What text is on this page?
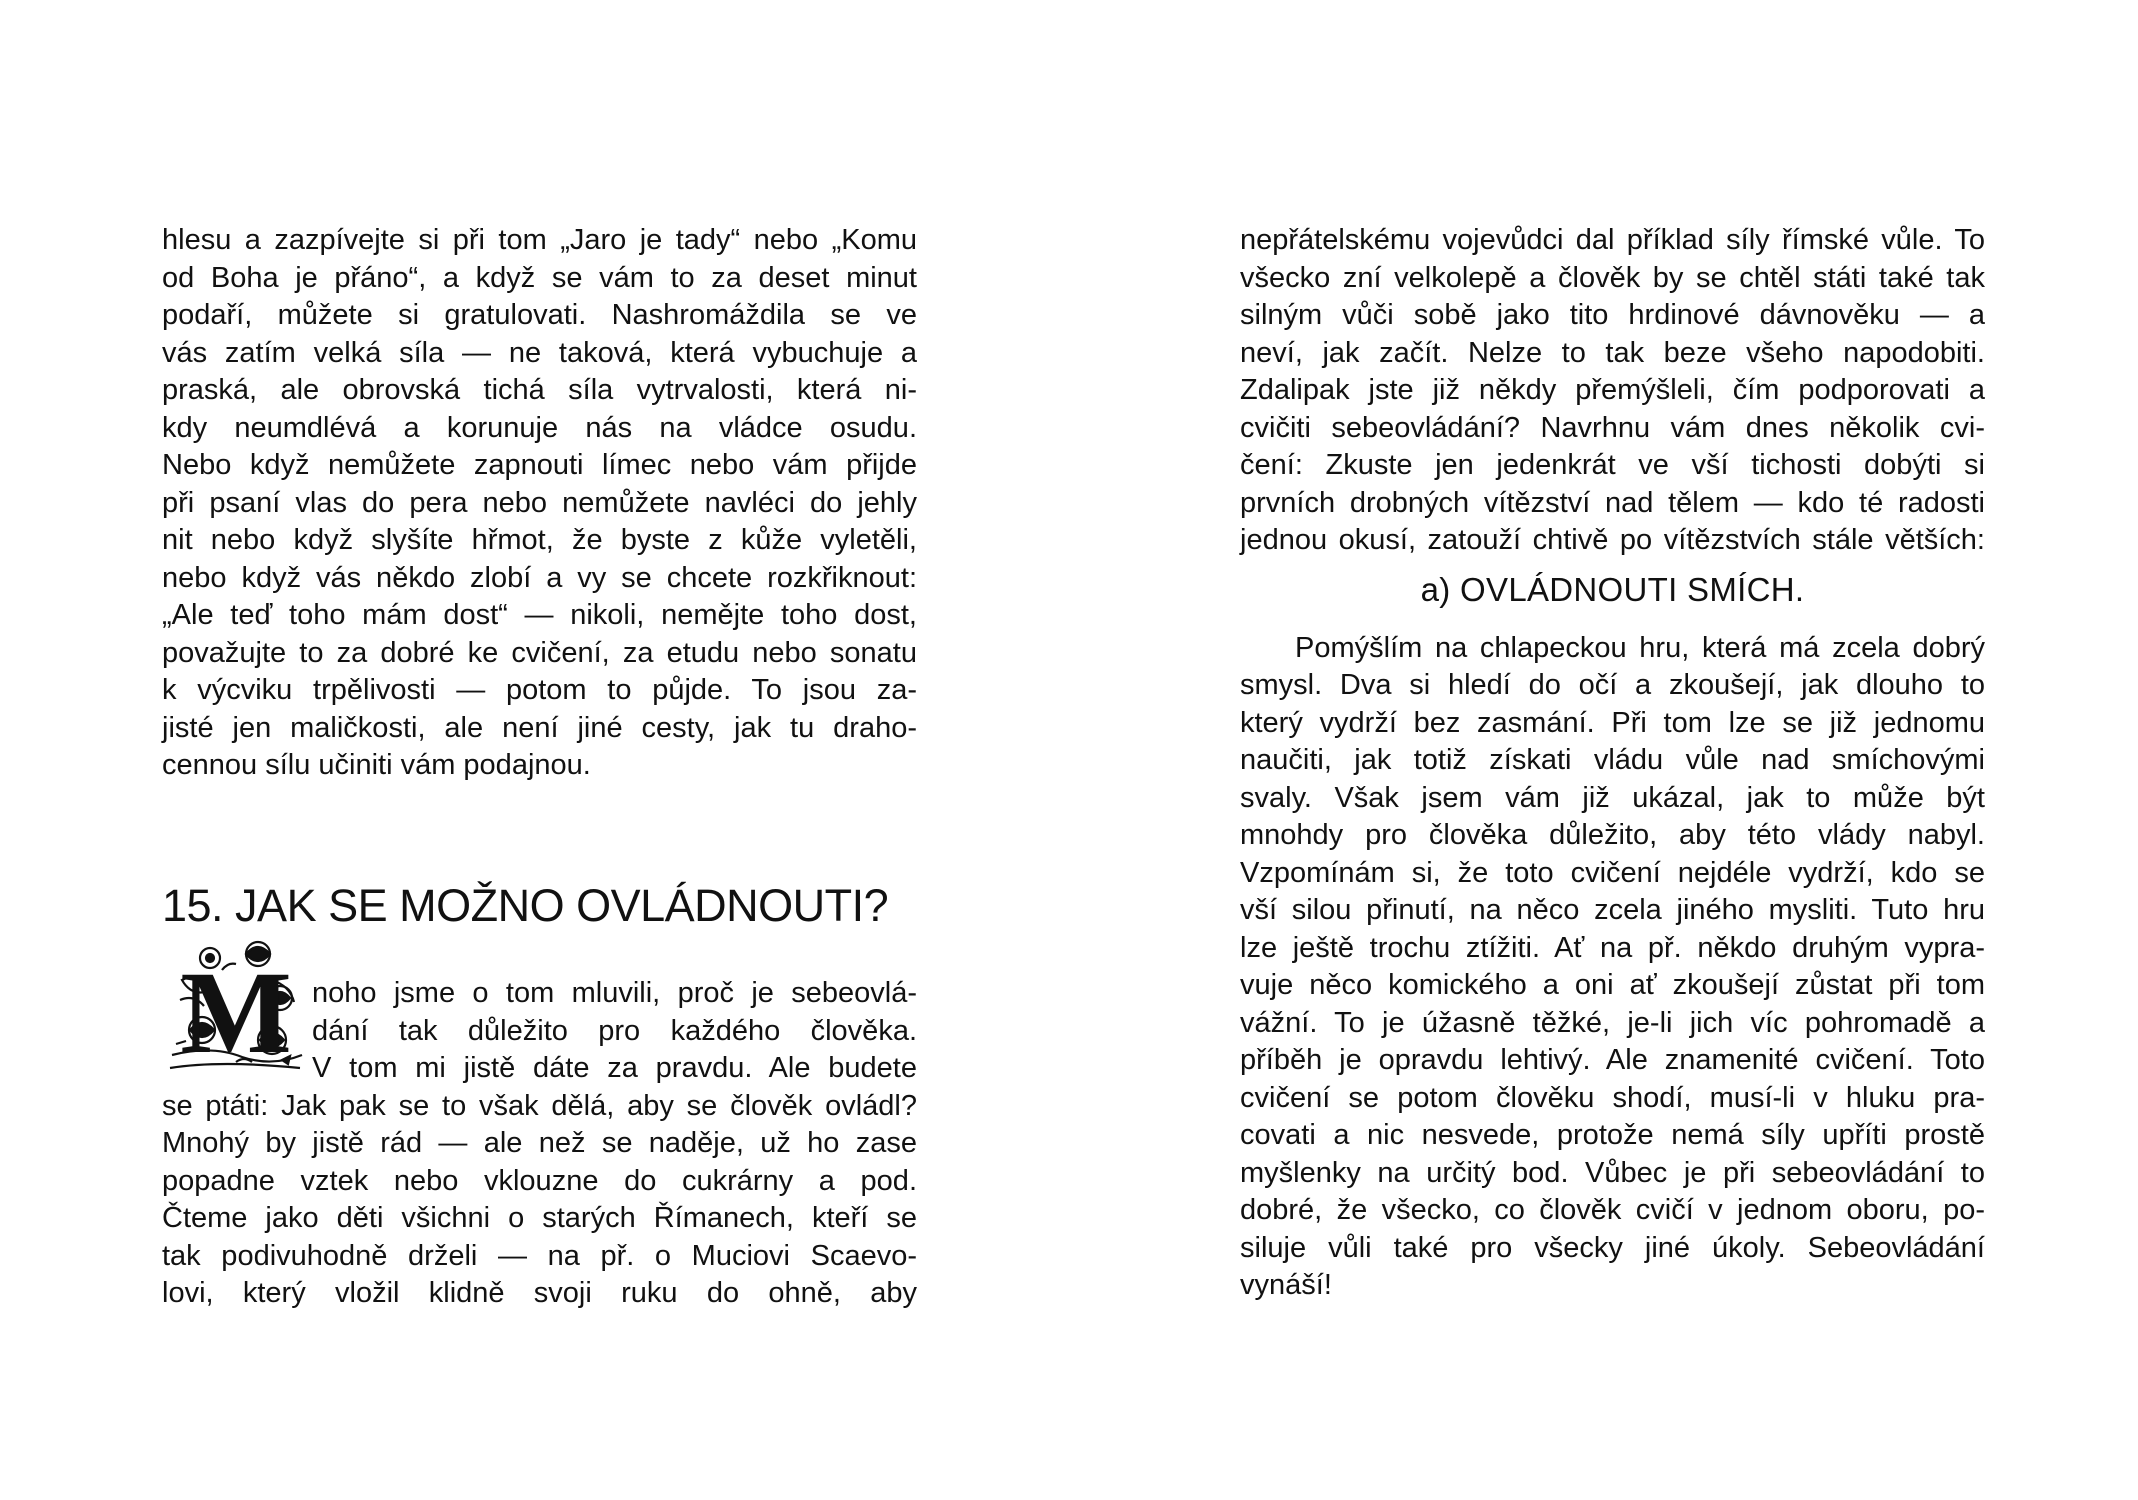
hlesu a zazpívejte si při tom „Jaro je tady“ nebo „Komu
od Boha je přáno“, a když se vám to za deset minut
podaří, můžete si gratulovati. Nashromáždila se ve
vás zatím velká síla — ne taková, která vybuchuje a
praská, ale obrovská tichá síla vytrvalosti, která ni-
kdy neumdlévá a korunuje nás na vládce osudu.
Nebo když nemůžete zapnouti límec nebo vám přijde
při psaní vlas do pera nebo nemůžete navléci do jehly
nit nebo když slyšíte hřmot, že byste z kůže vyletěli,
nebo když vás někdo zlobí a vy se chcete rozkřiknout:
„Ale teď toho mám dost“ — nikoli, nemějte toho dost,
považujte to za dobré ke cvičení, za etudu nebo sonatu
k výcviku trpělivosti — potom to půjde. To jsou za-
jisté jen maličkosti, ale není jiné cesty, jak tu draho-
cennou sílu učiniti vám podajnou.
15. JAK SE MOŽNO OVLÁDNOUTI?
M noho jsme o tom mluvili, proč je sebeovlá-
dání tak důležito pro každého člověka.
V tom mi jistě dáte za pravdu. Ale budete
se ptáti: Jak pak se to však dělá, aby se člověk ovládl?
Mnohý by jistě rád — ale než se naděje, už ho zase
popadne vztek nebo vklouzne do cukrárny a pod.
Čteme jako děti všichni o starých Římanech, kteří se
tak podivuhodně drželi — na př. o Muciovi Scaevo-
lovi, který vložil klidně svoji ruku do ohně, aby
nepřátelskému vojevůdci dal příklad síly římské vůle. To
všecko zní velkolepě a člověk by se chtěl státi také tak
silným vůči sobě jako tito hrdinové dávnověku — a
neví, jak začít. Nelze to tak beze všeho napodobiti.
Zdalipak jste již někdy přemýšleli, čím podporovati a
cvičiti sebeovládání? Navrhnu vám dnes několik cvi-
čení: Zkuste jen jedenkrát ve vší tichosti dobýti si
prvních drobných vítězství nad tělem — kdo té radosti
jednou okusí, zatouží chtivě po vítězstvích stále větších:
a) OVLÁDNOUTI SMÍCH.
Pomýšlím na chlapeckou hru, která má zcela dobrý
smysl. Dva si hledí do očí a zkoušejí, jak dlouho to
který vydrží bez zasmání. Při tom lze se již jednomu
naučiti, jak totiž získati vládu vůle nad smíchovými
svaly. Však jsem vám již ukázal, jak to může být
mnohdy pro člověka důležito, aby této vlády nabyl.
Vzpomínám si, že toto cvičení nejdéle vydrží, kdo se
vší silou přinutí, na něco zcela jiného mysliti. Tuto hru
lze ještě trochu ztížiti. Ať na př. někdo druhým vypra-
vuje něco komického a oni ať zkoušejí zůstat při tom
vážní. To je úžasně těžké, je-li jich víc pohromadě a
příběh je opravdu lehtivý. Ale znamenité cvičení. Toto
cvičení se potom člověku shodí, musí-li v hluku pra-
covati a nic nesvede, protože nemá síly upříti prostě
myšlenky na určitý bod. Vůbec je při sebeovládání to
dobré, že všecko, co člověk cvičí v jednom oboru, po-
siluje vůli také pro všecky jiné úkoly. Sebeovládání
vynáší!
